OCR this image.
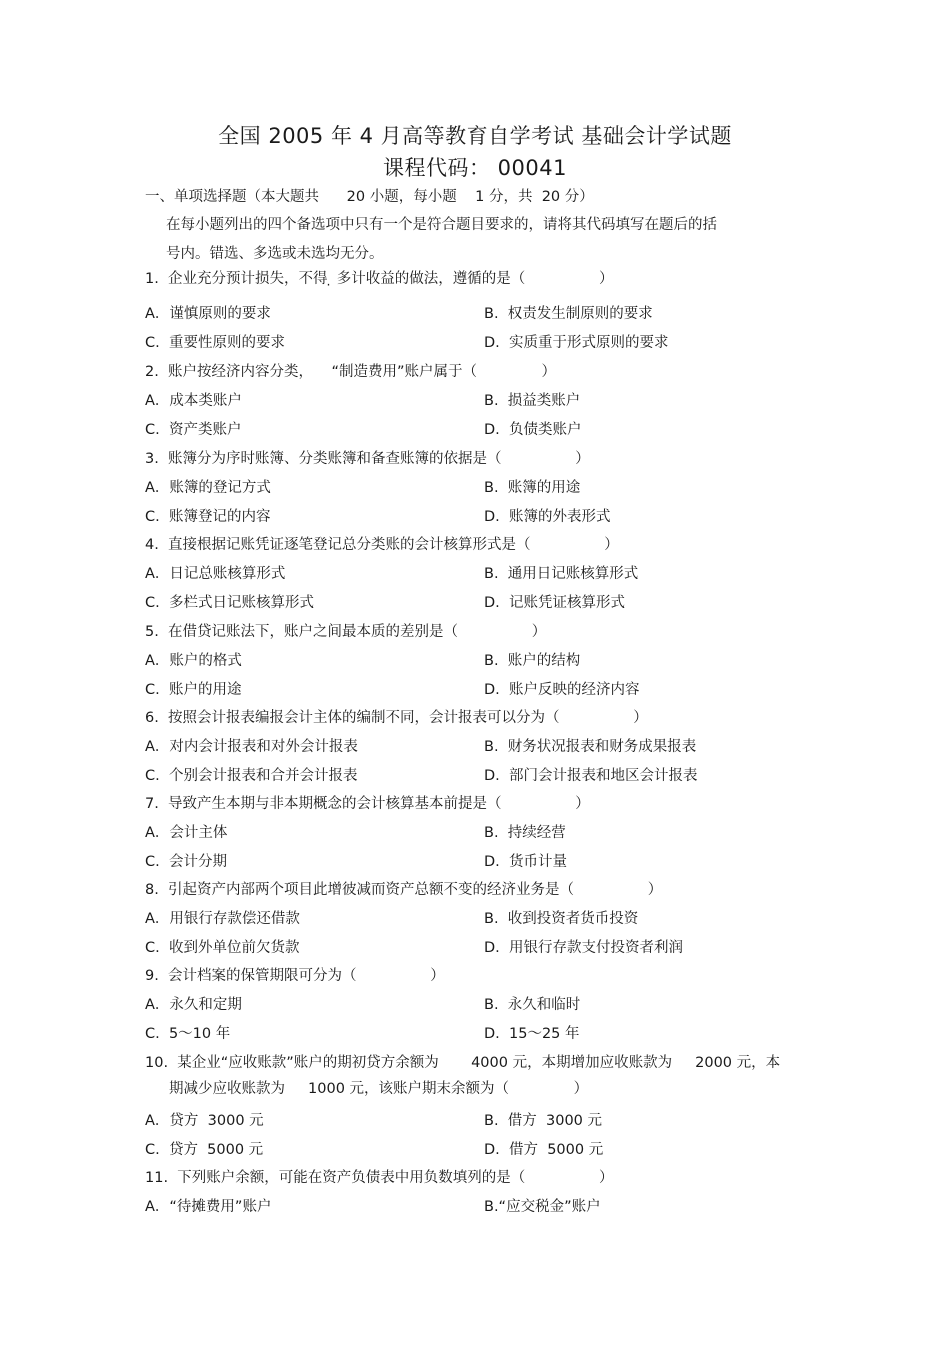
全国 2005 年 4 月高等教育自学考试 基础会计学试题
课程代码： 00041
一、单项选择题（本大题共      20 小题，每小题    1 分，共  20 分）
在每小题列出的四个备选项中只有一个是符合题目要求的，请将其代码填写在题后的括
号内。错选、多选或未选均无分。
1.  企业充分预计损失，不得 ̣ 多计收益的做法，遵循的是（                ）
A．谨慎原则的要求	B.  权责发生制原则的要求
C.  重要性原则的要求	D.  实质重于形式原则的要求
2.  账户按经济内容分类，    “制造费用”账户属于（              ）
A．成本类账户	B.  损益类账户
C.  资产类账户	D.  负债类账户
3.  账簿分为序时账簿、分类账簿和备查账簿的依据是（                ）
A．账簿的登记方式	B.  账簿的用途
C.  账簿登记的内容	D.  账簿的外表形式
4.  直接根据记账凭证逐笔登记总分类账的会计核算形式是（                ）
A．日记总账核算形式	B.  通用日记账核算形式
C.  多栏式日记账核算形式	D.  记账凭证核算形式
5.  在借贷记账法下，账户之间最本质的差别是（                ）
A．账户的格式	B.  账户的结构
C.  账户的用途	D.  账户反映的经济内容
6.  按照会计报表编报会计主体的编制不同，会计报表可以分为（                ）
A．对内会计报表和对外会计报表	B.  财务状况报表和财务成果报表
C.  个别会计报表和合并会计报表	D.  部门会计报表和地区会计报表
7.  导致产生本期与非本期概念的会计核算基本前提是（                ）
A．会计主体	B.  持续经营
C.  会计分期	D.  货币计量
8.  引起资产内部两个项目此增彼减而资产总额不变的经济业务是（                ）
A．用银行存款偿还借款	B.  收到投资者货币投资
C.  收到外单位前欠货款	D.  用银行存款支付投资者利润
9.  会计档案的保管期限可分为（                ）
A．永久和定期	B.  永久和临时
C.  5～10 年	D.  15～25 年
10.  某企业“应收账款”账户的期初贷方余额为       4000 元，本期增加应收账款为     2000 元，本
期减少应收账款为     1000 元，该账户期末余额为（              ）
A．贷方  3000 元	B.  借方  3000 元
C.  贷方  5000 元	D.  借方  5000 元
11.  下列账户余额，可能在资产负债表中用负数填列的是（                ）
A．“待摊费用”账户	B.“应交税金”账户
